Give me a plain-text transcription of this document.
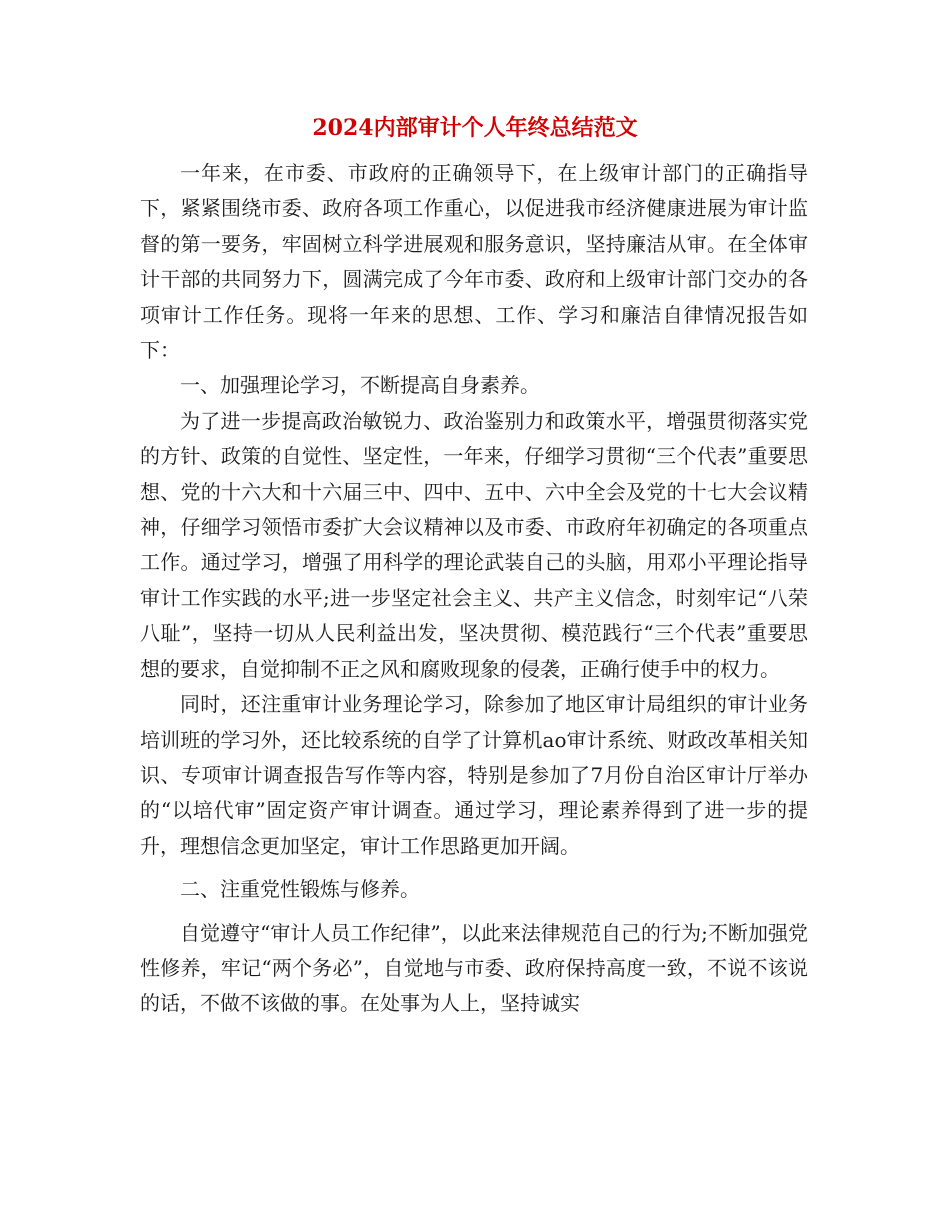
2024内部审计个人年终总结范文

一年来，在市委、市政府的正确领导下，在上级审计部门的正确指导下，紧紧围绕市委、政府各项工作重心，以促进我市经济健康进展为审计监督的第一要务，牢固树立科学进展观和服务意识，坚持廉洁从审。在全体审计干部的共同努力下，圆满完成了今年市委、政府和上级审计部门交办的各项审计工作任务。现将一年来的思想、工作、学习和廉洁自律情况报告如下：

一、加强理论学习，不断提高自身素养。

为了进一步提高政治敏锐力、政治鉴别力和政策水平，增强贯彻落实党的方针、政策的自觉性、坚定性，一年来，仔细学习贯彻“三个代表”重要思想、党的十六大和十六届三中、四中、五中、六中全会及党的十七大会议精神，仔细学习领悟市委扩大会议精神以及市委、市政府年初确定的各项重点工作。通过学习，增强了用科学的理论武装自己的头脑，用邓小平理论指导审计工作实践的水平;进一步坚定社会主义、共产主义信念，时刻牢记“八荣八耻”，坚持一切从人民利益出发，坚决贯彻、模范践行“三个代表”重要思想的要求，自觉抑制不正之风和腐败现象的侵袭，正确行使手中的权力。

同时，还注重审计业务理论学习，除参加了地区审计局组织的审计业务培训班的学习外，还比较系统的自学了计算机ao审计系统、财政改革相关知识、专项审计调查报告写作等内容，特别是参加了7月份自治区审计厅举办的“以培代审”固定资产审计调查。通过学习，理论素养得到了进一步的提升，理想信念更加坚定，审计工作思路更加开阔。

二、注重党性锻炼与修养。

自觉遵守“审计人员工作纪律”，以此来法律规范自己的行为;不断加强党性修养，牢记“两个务必”，自觉地与市委、政府保持高度一致，不说不该说的话，不做不该做的事。在处事为人上，坚持诚实
